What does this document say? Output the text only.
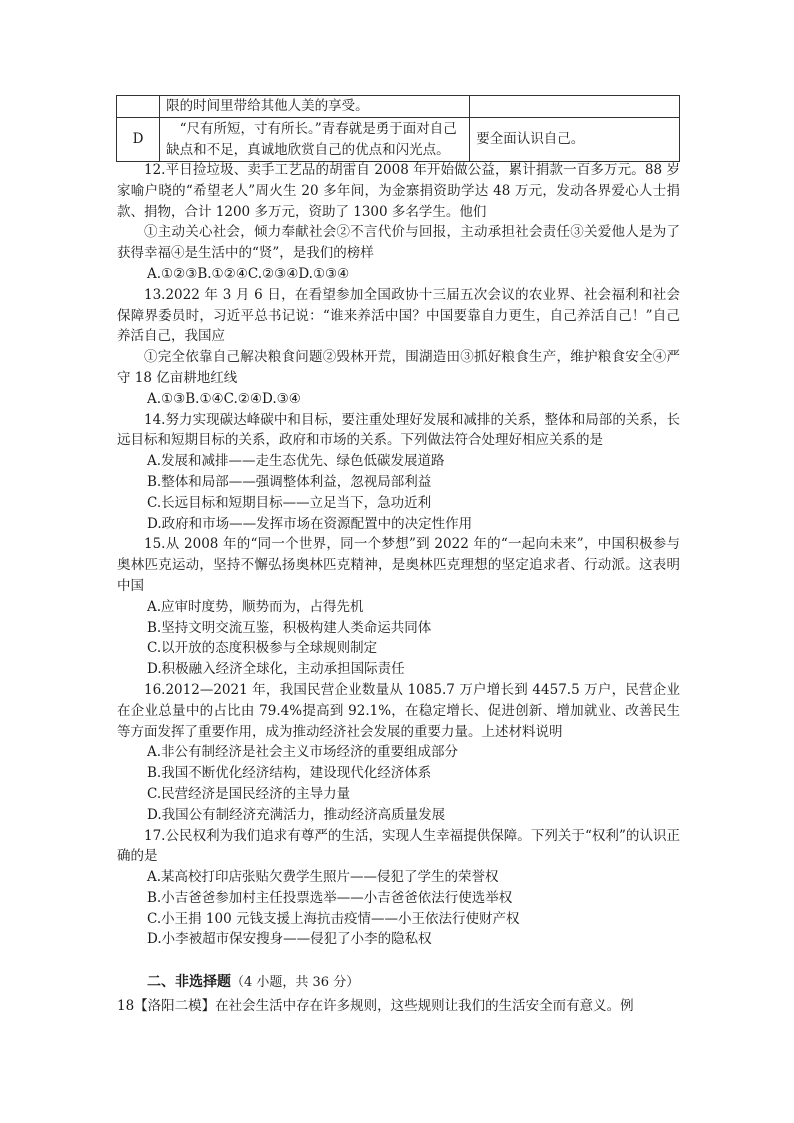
	限的时间里带给其他人美的享受。	
D	“尺有所短，寸有所长。”青春就是勇于面对自己
缺点和不足，真诚地欣赏自己的优点和闪光点。	要全面认识自己。

12.平日捡垃圾、卖手工艺品的胡雷自 2008 年开始做公益，累计捐款一百多万元。88 岁家喻户晓的“希望老人”周火生 20 多年间，为金寨捐资助学达 48 万元，发动各界爱心人士捐款、捐物，合计 1200 多万元，资助了 1300 多名学生。他们

①主动关心社会，倾力奉献社会②不言代价与回报，主动承担社会责任③关爱他人是为了获得幸福④是生活中的“贤”，是我们的榜样

A.①②③B.①②④C.②③④D.①③④

13.2022 年 3 月 6 日，在看望参加全国政协十三届五次会议的农业界、社会福利和社会保障界委员时，习近平总书记说：“谁来养活中国？中国要靠自力更生，自己养活自己！”自己养活自己，我国应

①完全依靠自己解决粮食问题②毁林开荒，围湖造田③抓好粮食生产，维护粮食安全④严守 18 亿亩耕地红线

A.①③B.①④C.②④D.③④

14.努力实现碳达峰碳中和目标，要注重处理好发展和减排的关系，整体和局部的关系，长远目标和短期目标的关系，政府和市场的关系。下列做法符合处理好相应关系的是

A.发展和减排——走生态优先、绿色低碳发展道路

B.整体和局部——强调整体利益，忽视局部利益

C.长远目标和短期目标——立足当下，急功近利

D.政府和市场——发挥市场在资源配置中的决定性作用

15.从 2008 年的“同一个世界，同一个梦想”到 2022 年的“一起向未来”，中国积极参与奥林匹克运动，坚持不懈弘扬奥林匹克精神，是奥林匹克理想的坚定追求者、行动派。这表明中国

A.应审时度势，顺势而为，占得先机

B.坚持文明交流互鉴，积极构建人类命运共同体

C.以开放的态度积极参与全球规则制定

D.积极融入经济全球化，主动承担国际责任

16.2012—2021 年，我国民营企业数量从 1085.7 万户增长到 4457.5 万户，民营企业在企业总量中的占比由 79.4%提高到 92.1%，在稳定增长、促进创新、增加就业、改善民生等方面发挥了重要作用，成为推动经济社会发展的重要力量。上述材料说明

A.非公有制经济是社会主义市场经济的重要组成部分

B.我国不断优化经济结构，建设现代化经济体系

C.民营经济是国民经济的主导力量

D.我国公有制经济充满活力，推动经济高质量发展

17.公民权利为我们追求有尊严的生活，实现人生幸福提供保障。下列关于“权利”的认识正确的是

A.某高校打印店张贴欠费学生照片——侵犯了学生的荣誉权

B.小吉爸爸参加村主任投票选举——小吉爸爸依法行使选举权

C.小王捐 100 元钱支援上海抗击疫情——小王依法行使财产权

D.小李被超市保安搜身——侵犯了小李的隐私权

二、非选择题（4 小题，共 36 分）

18【洛阳二模】在社会生活中存在许多规则，这些规则让我们的生活安全而有意义。例
